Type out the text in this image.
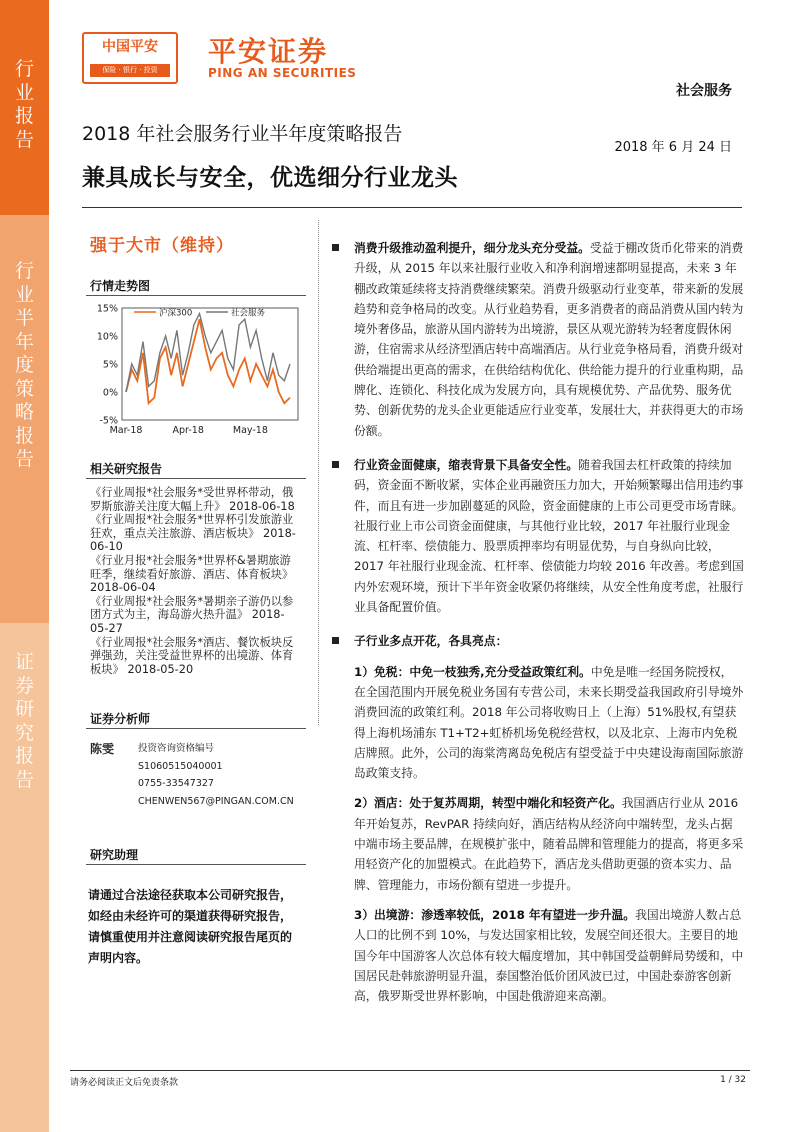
行
业
报
告
行
业
半
年
度
策
略
报
告
证
券
研
究
报
告
中国平安
保险 · 银行 · 投资
平安证券
PING AN SECURITIES
社会服务
2018 年社会服务行业半年度策略报告
2018 年 6 月 24 日
兼具成长与安全，优选细分行业龙头
强于大市（维持）
行情走势图
15%
10%
5%
0%
-5%
Mar-18	Apr-18	May-18
沪深300	社会服务
相关研究报告

《行业周报*社会服务*受世界杯带动，俄罗斯旅游关注度大幅上升》 2018-06-18

《行业周报*社会服务*世界杯引发旅游业狂欢，重点关注旅游、酒店板块》 2018-06-10

《行业月报*社会服务*世界杯&暑期旅游旺季，继续看好旅游、酒店、体育板块》 2018-06-04

《行业周报*社会服务*暑期亲子游仍以参团方式为主，海岛游火热升温》 2018-05-27

《行业周报*社会服务*酒店、餐饮板块反弹强劲，关注受益世界杯的出境游、体育板块》 2018-05-20

证券分析师
陈雯	投资咨询资格编号
S1060515040001
0755-33547327
CHENWEN567@PINGAN.COM.CN
研究助理
请通过合法途径获取本公司研究报告，如经由未经许可的渠道获得研究报告，请慎重使用并注意阅读研究报告尾页的声明内容。

消费升级推动盈利提升，细分龙头充分受益。受益于棚改货币化带来的消费升级，从 2015 年以来社服行业收入和净利润增速都明显提高，未来 3 年棚改政策延续将支持消费继续繁荣。消费升级驱动行业变革，带来新的发展趋势和竞争格局的改变。从行业趋势看，更多消费者的商品消费从国内转为境外奢侈品，旅游从国内游转为出境游，景区从观光游转为轻奢度假休闲游，住宿需求从经济型酒店转中高端酒店。从行业竞争格局看，消费升级对供给端提出更高的需求，在供给结构优化、供给能力提升的行业重构期，品牌化、连锁化、科技化成为发展方向，具有规模优势、产品优势、服务优势、创新优势的龙头企业更能适应行业变革，发展壮大，并获得更大的市场份额。

行业资金面健康，缩表背景下具备安全性。随着我国去杠杆政策的持续加码，资金面不断收紧，实体企业再融资压力加大，开始频繁曝出信用违约事件，而且有进一步加剧蔓延的风险，资金面健康的上市公司更受市场青睐。社服行业上市公司资金面健康，与其他行业比较，2017 年社服行业现金流、杠杆率、偿债能力、股票质押率均有明显优势，与自身纵向比较，2017 年社服行业现金流、杠杆率、偿债能力均较 2016 年改善。考虑到国内外宏观环境，预计下半年资金收紧仍将继续，从安全性角度考虑，社服行业具备配置价值。

子行业多点开花，各具亮点：

1）免税：中免一枝独秀,充分受益政策红利。中免是唯一经国务院授权，在全国范围内开展免税业务国有专营公司，未来长期受益我国政府引导境外消费回流的政策红利。2018 年公司将收购日上（上海）51%股权,有望获得上海机场浦东 T1+T2+虹桥机场免税经营权，以及北京、上海市内免税店牌照。此外，公司的海棠湾离岛免税店有望受益于中央建设海南国际旅游岛政策支持。

2）酒店：处于复苏周期，转型中端化和轻资产化。我国酒店行业从 2016 年开始复苏，RevPAR 持续向好，酒店结构从经济向中端转型，龙头占据中端市场主要品牌，在规模扩张中，随着品牌和管理能力的提高，将更多采用轻资产化的加盟模式。在此趋势下，酒店龙头借助更强的资本实力、品牌、管理能力，市场份额有望进一步提升。

3）出境游：渗透率较低，2018 年有望进一步升温。我国出境游人数占总人口的比例不到 10%，与发达国家相比较，发展空间还很大。主要目的地国今年中国游客人次总体有较大幅度增加，其中韩国受益朝鲜局势缓和，中国居民赴韩旅游明显升温，泰国整治低价团风波已过，中国赴泰游客创新高，俄罗斯受世界杯影响，中国赴俄游迎来高潮。

请务必阅读正文后免责条款	1 / 32
